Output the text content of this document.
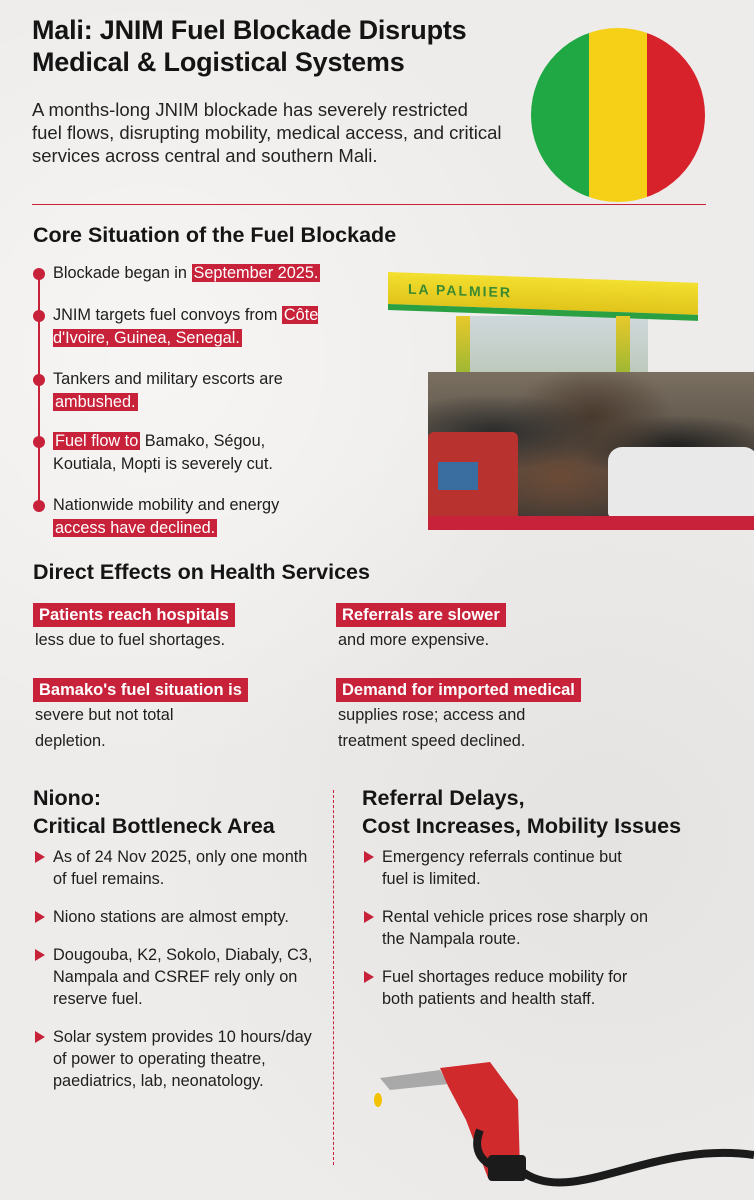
Mali: JNIM Fuel Blockade Disrupts Medical & Logistical Systems
A months-long JNIM blockade has severely restricted fuel flows, disrupting mobility, medical access, and critical services across central and southern Mali.
Core Situation of the Fuel Blockade
Blockade began in September 2025.
JNIM targets fuel convoys from Côte d'Ivoire, Guinea, Senegal.
Tankers and military escorts are ambushed.
Fuel flow to Bamako, Ségou, Koutiala, Mopti is severely cut.
Nationwide mobility and energy access have declined.
LA PALMIER
Direct Effects on Health Services
Patients reach hospitals
less due to fuel shortages.
Referrals are slower
and more expensive.
Bamako's fuel situation is
severe but not total depletion.
Demand for imported medical
supplies rose; access and treatment speed declined.
Niono:
Critical Bottleneck Area
As of 24 Nov 2025, only one month of fuel remains.
Niono stations are almost empty.
Dougouba, K2, Sokolo, Diabaly, C3, Nampala and CSREF rely only on reserve fuel.
Solar system provides 10 hours/day of power to operating theatre, paediatrics, lab, neonatology.
Referral Delays,
Cost Increases, Mobility Issues
Emergency referrals continue but fuel is limited.
Rental vehicle prices rose sharply on the Nampala route.
Fuel shortages reduce mobility for both patients and health staff.
